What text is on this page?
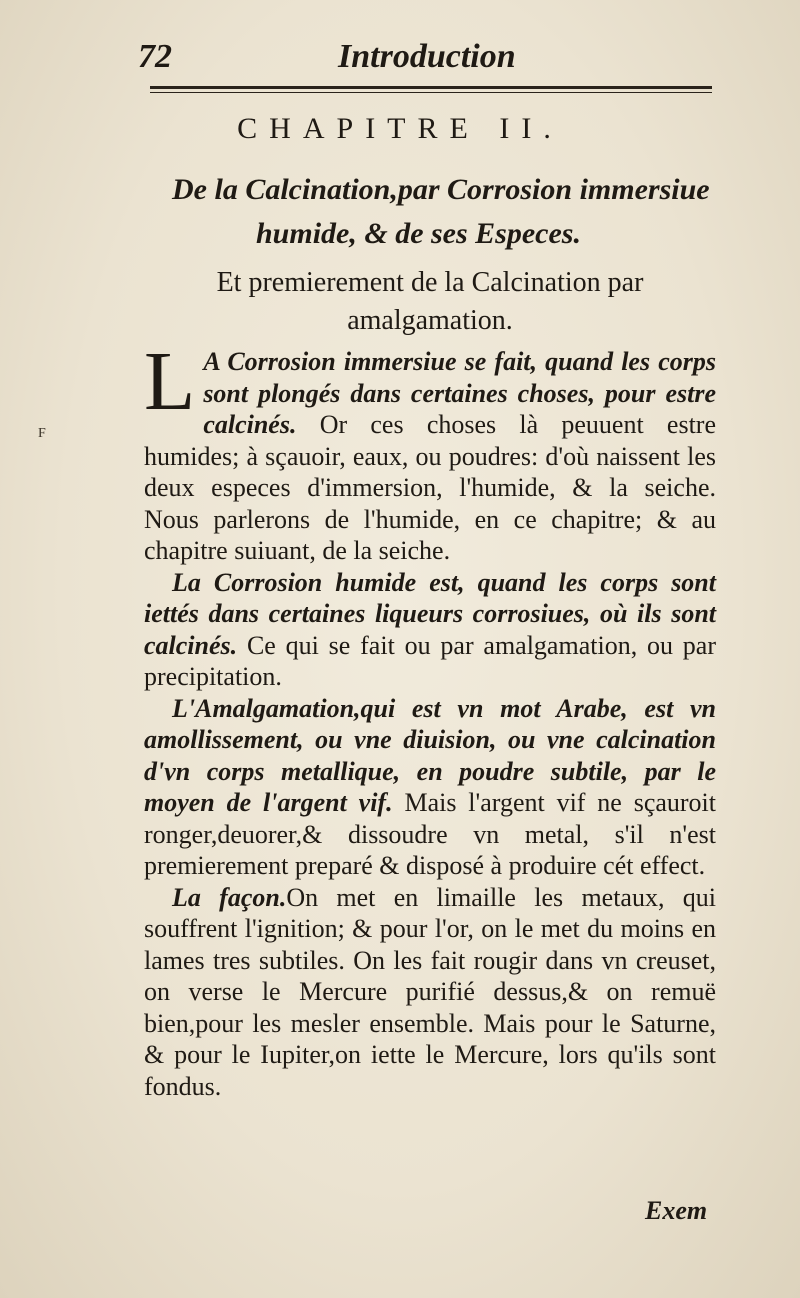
72	Introduction
CHAPITRE II.
De la Calcination,par Corrosion immersiue
humide, & de ses Especes.
Et premierement de la Calcination par amalgamation.
F

L A Corrosion immersiue se fait, quand les corps sont plongés dans certaines choses, pour estre calcinés. Or ces choses là peuuent estre humides; à sçauoir, eaux, ou poudres: d'où naissent les deux especes d'immersion, l'humide, & la seiche. Nous parlerons de l'humide, en ce chapitre; & au chapitre suiuant, de la seiche.

La Corrosion humide est, quand les corps sont iettés dans certaines liqueurs corrosiues, où ils sont calcinés. Ce qui se fait ou par amalgamation, ou par precipitation.

L'Amalgamation,qui est vn mot Arabe, est vn amollissement, ou vne diuision, ou vne calcination d'vn corps metallique, en poudre subtile, par le moyen de l'argent vif. Mais l'argent vif ne sçauroit ronger,deuorer,& dissoudre vn metal, s'il n'est premierement preparé & disposé à produire cét effect.

La façon.On met en limaille les metaux, qui souffrent l'ignition; & pour l'or, on le met du moins en lames tres subtiles. On les fait rougir dans vn creuset, on verse le Mercure purifié dessus,& on remuë bien,pour les mesler ensemble. Mais pour le Saturne, & pour le Iupiter,on iette le Mercure, lors qu'ils sont fondus.

Exem
